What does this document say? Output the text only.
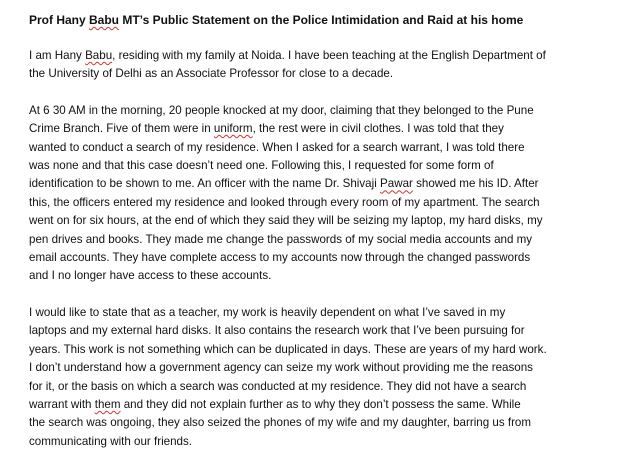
Prof Hany Babu MT’s Public Statement on the Police Intimidation and Raid at his home

I am Hany Babu, residing with my family at Noida. I have been teaching at the English Department of
the University of Delhi as an Associate Professor for close to a decade.

At 6 30 AM in the morning, 20 people knocked at my door, claiming that they belonged to the Pune
Crime Branch. Five of them were in uniform, the rest were in civil clothes. I was told that they
wanted to conduct a search of my residence. When I asked for a search warrant, I was told there
was none and that this case doesn’t need one. Following this, I requested for some form of
identification to be shown to me. An officer with the name Dr. Shivaji Pawar showed me his ID. After
this, the officers entered my residence and looked through every room of my apartment. The search
went on for six hours, at the end of which they said they will be seizing my laptop, my hard disks, my
pen drives and books. They made me change the passwords of my social media accounts and my
email accounts. They have complete access to my accounts now through the changed passwords
and I no longer have access to these accounts.

I would like to state that as a teacher, my work is heavily dependent on what I’ve saved in my
laptops and my external hard disks. It also contains the research work that I’ve been pursuing for
years. This work is not something which can be duplicated in days. These are years of my hard work.
I don’t understand how a government agency can seize my work without providing me the reasons
for it, or the basis on which a search was conducted at my residence. They did not have a search
warrant with them and they did not explain further as to why they don’t possess the same. While
the search was ongoing, they also seized the phones of my wife and my daughter, barring us from
communicating with our friends.
